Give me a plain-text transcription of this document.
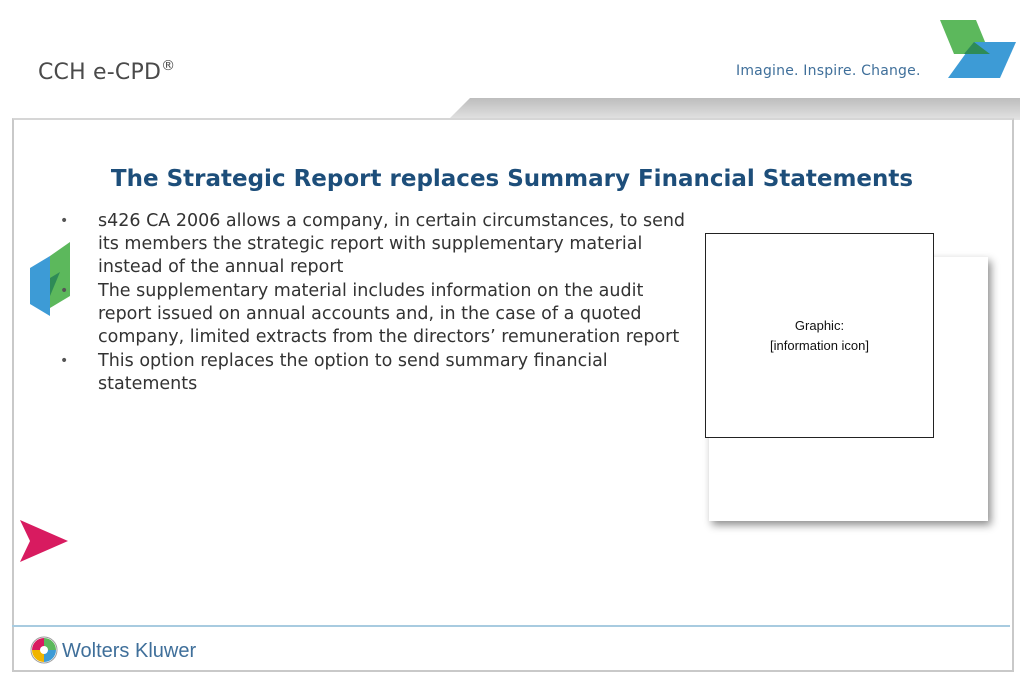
CCH e-CPD®	Imagine. Inspire. Change.
The Strategic Report replaces Summary Financial Statements
• s426 CA 2006 allows a company, in certain circumstances, to send its members the strategic report with supplementary material instead of the annual report
• The supplementary material includes information on the audit report issued on annual accounts and, in the case of a quoted company, limited extracts from the directors’ remuneration report
• This option replaces the option to send summary financial statements
Graphic:
[information icon]
Wolters Kluwer
